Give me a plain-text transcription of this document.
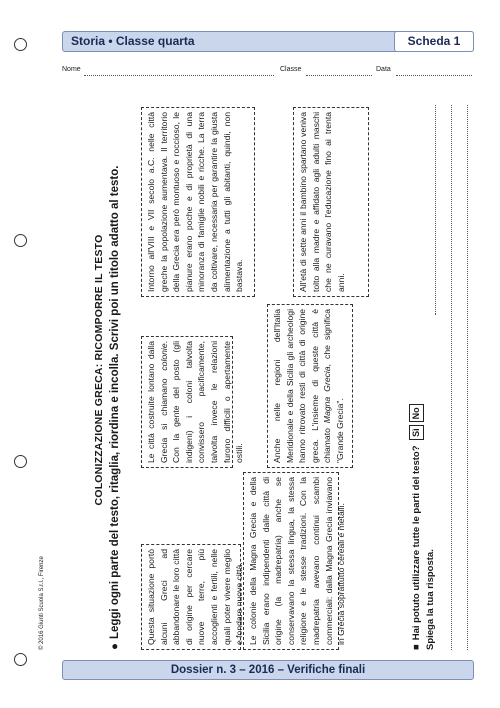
Storia • Classe quarta	Scheda 1
Nome	Classe	Data
© 2016 Giunti Scuola S.r.l., Firenze
COLONIZZAZIONE GRECA: RICOMPORRE IL TESTO
●Leggi ogni parte del testo, ritaglia, riordina e incolla. Scrivi poi un titolo adatto al testo.	Questa situazione portò alcuni Greci ad abbandonare le loro città di origine per cercare nuove terre, più accoglienti e fertili, nelle quali poter vivere meglio e fondare nuove città. Le colonie della Magna Grecia e della Sicilia erano indipendenti dalle città di origine (la madrepatria) anche se conservavano la stessa lingua, la stessa religione e le stesse tradizioni. Con la madrepatria avevano continui scambi commerciali: dalla Magna Grecia inviavano in Grecia soprattutto cereali e metalli.
Le città costruite lontano dalla Grecia si chiamano colonie. Con la gente del posto (gli indigeni) i coloni talvolta convissero pacificamente, talvolta invece le relazioni furono difficili o apertamente ostili.	Anche nelle regioni dell'Italia Meridionale e della Sicilia gli archeologi hanno ritrovato resti di città di origine greca. L'insieme di queste città è chiamato Magna Grecia, che significa "Grande Grecia".
Intorno all'VIII e VII secolo a.C. nelle città greche la popolazione aumentava. Il territorio della Grecia era però montuoso e roccioso, le pianure erano poche e di proprietà di una minoranza di famiglie nobili e ricche. La terra da coltivare, necessaria per garantire la giusta alimentazione a tutti gli abitanti, quindi, non bastava.	All'età di sette anni il bambino spartano veniva tolto alla madre e affidato agli adulti maschi che ne curavano l'educazione fino ai trenta anni.
■Hai potuto utilizzare tutte le parti del testo? SìNo
Spiega la tua risposta.
Dossier n. 3 – 2016 – Verifiche finali
